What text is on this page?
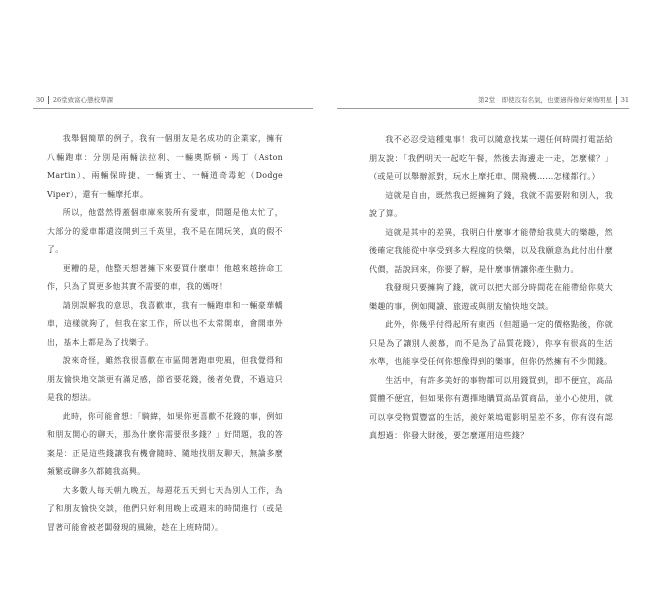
30 26堂致富心態校準課	第2堂　即使沒有名氣，也要過得像好萊塢明星 31

我舉個簡單的例子，我有一個朋友是名成功的企業家，擁有八輛跑車：分別是兩輛法拉利、一輛奧斯頓・馬丁（Aston Martin）、兩輛保時捷、一輛賓士、一輛道奇毒蛇（Dodge Viper），還有一輛摩托車。

所以，他當然得蓋個車庫來裝所有愛車，問題是他太忙了，大部分的愛車都還沒開到三千英里，我不是在開玩笑，真的假不了。

更糟的是，他整天想著擁下來要買什麼車！他越來越拚命工作，只為了買更多他其實不需要的車，我的媽呀！

請別誤解我的意思，我喜歡車，我有一輛跑車和一輛豪華轎車，這樣就夠了，但我在家工作，所以也不太常開車，會開車外出，基本上都是為了找樂子。

說來奇怪，雖然我很喜歡在市區開著跑車兜風，但我覺得和朋友愉快地交談更有滿足感，節省要花錢，後者免費，不過這只是我的想法。

此時，你可能會想：「騎緯，如果你更喜歡不花錢的事，例如和朋友開心的聊天，那為什麼你需要很多錢？」好問題，我的答案是：正是這些錢讓我有機會隨時、隨地找朋友聊天，無論多麼頻繁或聊多久都隨我高興。

大多數人每天朝九晚五，每週花五天到七天為別人工作，為了和朋友愉快交談，他們只好利用晚上或週末的時間進行（或是冒著可能會被老闆發現的風險，趁在上班時間）。

我不必忍受這種鬼事！我可以隨意找某一週任何時間打電話給朋友說：「我們明天一起吃午餐，然後去海邊走一走，怎麼樣？」（或是可以舉辦派對，玩水上摩托車、開飛機……怎樣都行。）

這就是自由，既然我已經擁夠了錢，我就不需要附和別人，我說了算。

這就是其中的差異，我明白什麼事才能帶給我莫大的樂趣，然後確定我能從中享受到多大程度的快樂，以及我願意為此付出什麼代價，話說回來，你要了解，是什麼事情讓你產生動力。

我發現只要擁夠了錢，就可以把大部分時間花在能帶給你莫大樂趣的事，例如閱讀、旅遊或與朋友愉快地交談。

此外，你幾乎付得起所有東西（但超過一定的價格點後，你就只是為了讓別人羨慕，而不是為了品質花錢），你享有很高的生活水準，也能享受任何你想像得到的樂事，但你仍然擁有不少閒錢。

生活中，有許多美好的事物都可以用錢買到，即不便宜，高品質體不便宜，但如果你有選擇地購買高品質商品，並小心使用，就可以享受物質豐富的生活，羨好萊塢電影明星差不多，你有沒有認真想過：你發大財後，要怎麼運用這些錢？
